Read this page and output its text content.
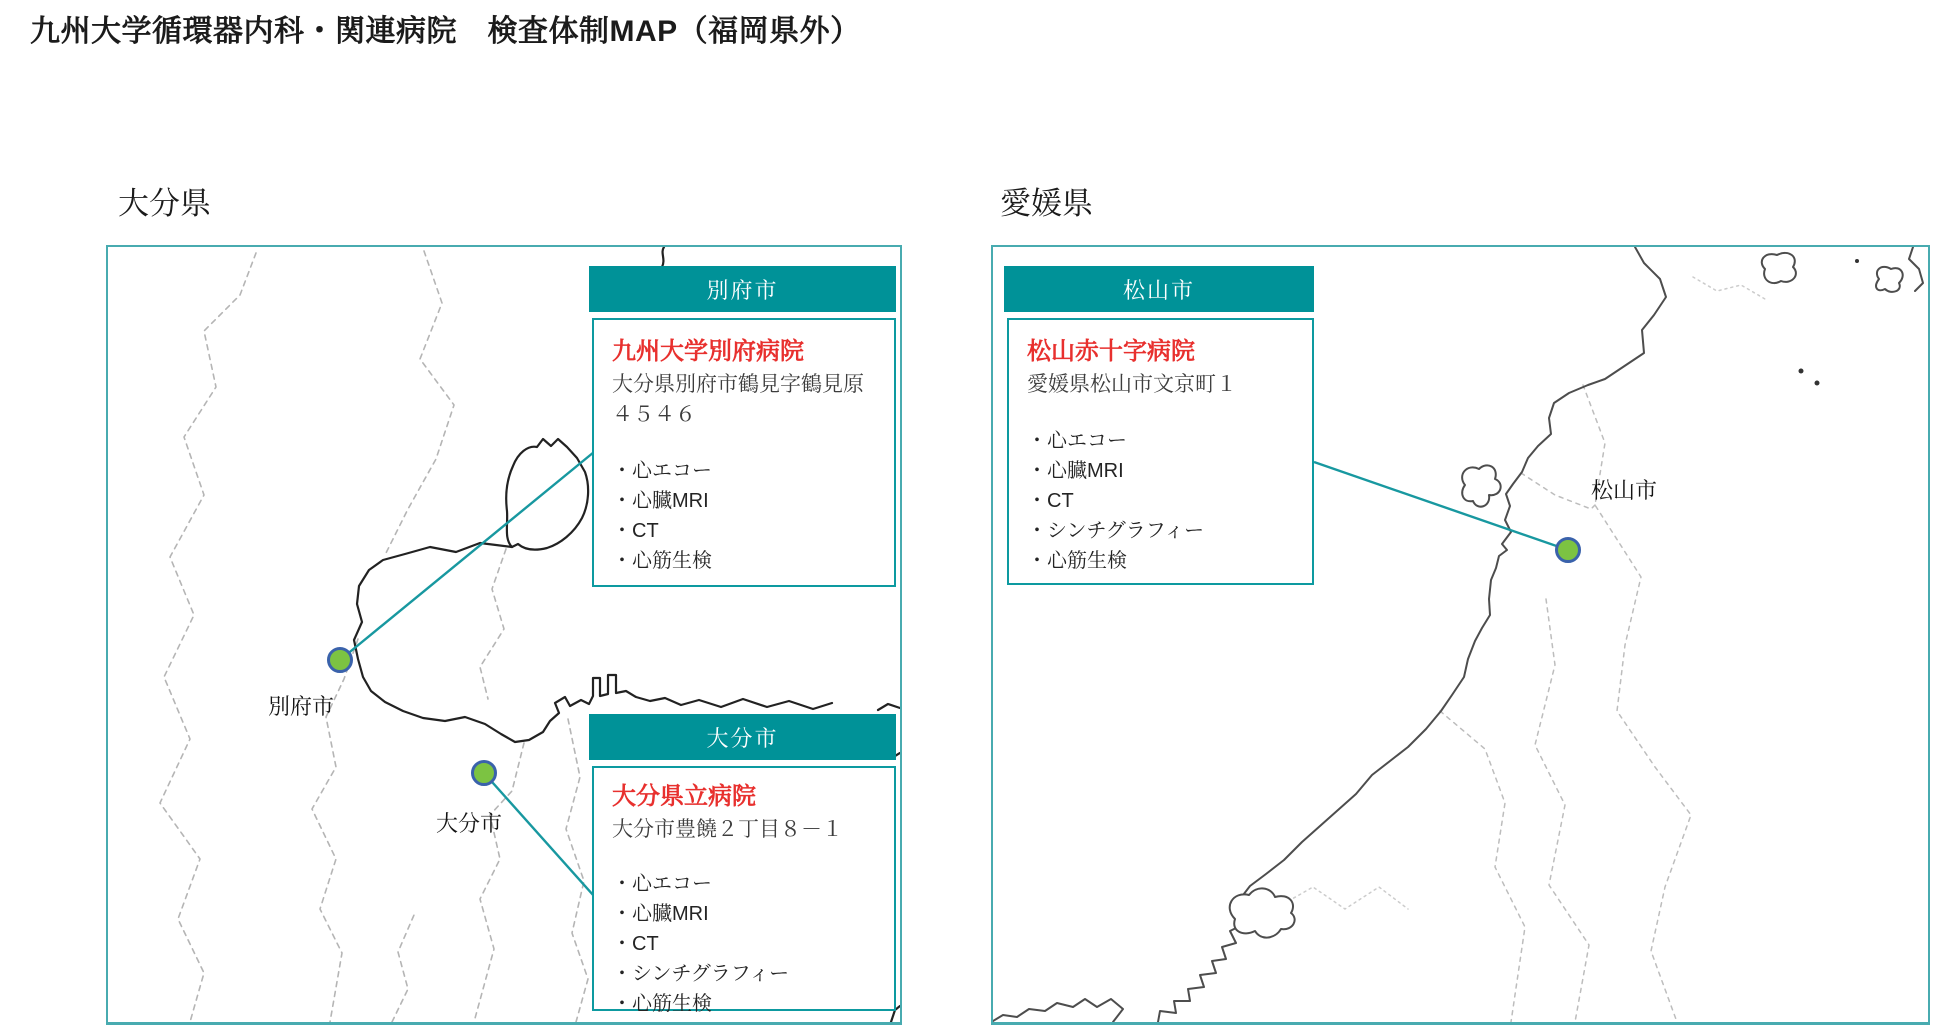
九州大学循環器内科・関連病院　検査体制MAP（福岡県外）
大分県
別府市
大分市
別府市
九州大学別府病院
大分県別府市鶴見字鶴見原
４５４６
・心エコー
・心臓MRI
・CT
・心筋生検
大分市
大分県立病院
大分市豊饒２丁目８－１
・心エコー
・心臓MRI
・CT
・シンチグラフィー
・心筋生検
愛媛県
松山市
松山市
松山赤十字病院
愛媛県松山市文京町１
・心エコー
・心臓MRI
・CT
・シンチグラフィー
・心筋生検
